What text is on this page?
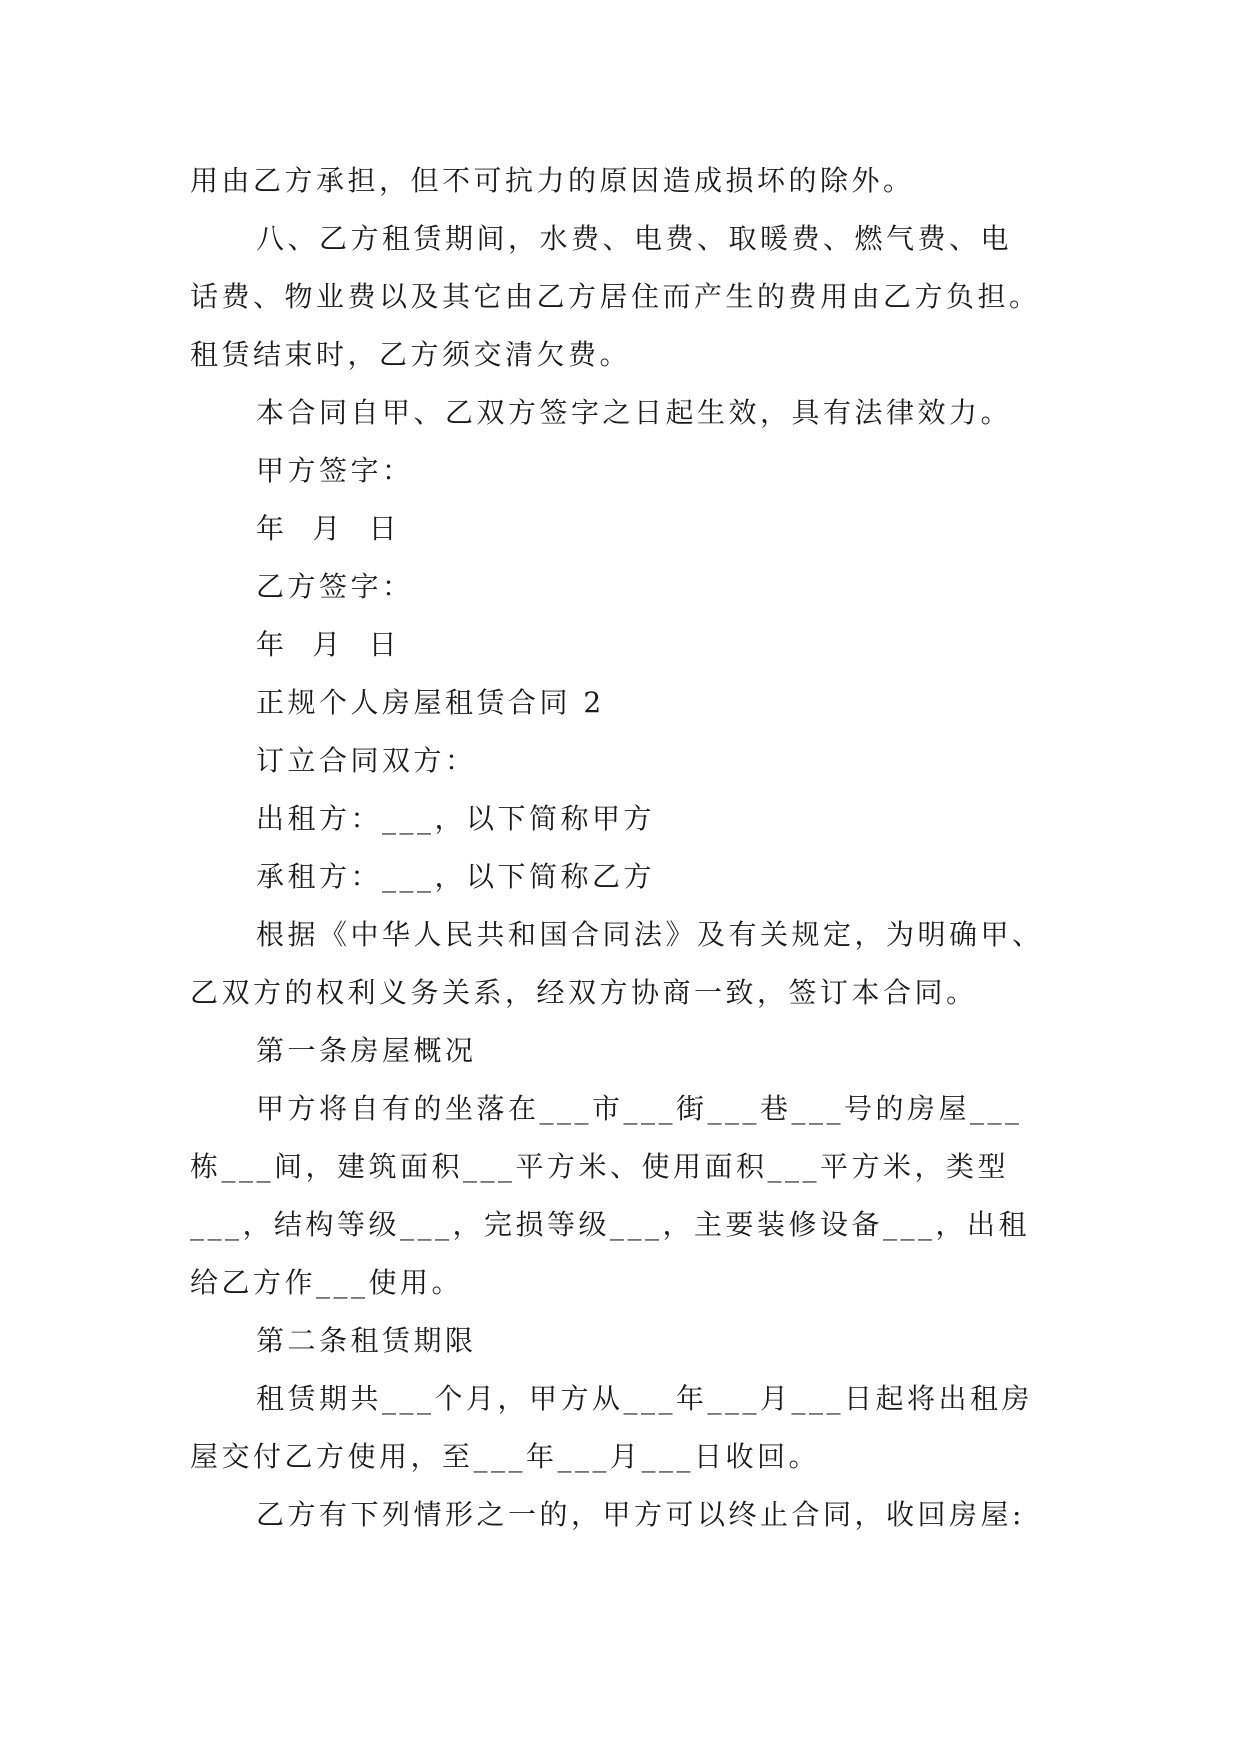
用由乙方承担，但不可抗力的原因造成损坏的除外。
八、乙方租赁期间，水费、电费、取暖费、燃气费、电
话费、物业费以及其它由乙方居住而产生的费用由乙方负担。
租赁结束时，乙方须交清欠费。
本合同自甲、乙双方签字之日起生效，具有法律效力。
甲方签字：
年  月  日
乙方签字：
年  月  日
正规个人房屋租赁合同 2
订立合同双方：
出租方：___，以下简称甲方
承租方：___，以下简称乙方
根据《中华人民共和国合同法》及有关规定，为明确甲、
乙双方的权利义务关系，经双方协商一致，签订本合同。
第一条房屋概况
甲方将自有的坐落在___市___街___巷___号的房屋___
栋___间，建筑面积___平方米、使用面积___平方米，类型
___，结构等级___，完损等级___，主要装修设备___，出租
给乙方作___使用。
第二条租赁期限
租赁期共___个月，甲方从___年___月___日起将出租房
屋交付乙方使用，至___年___月___日收回。
乙方有下列情形之一的，甲方可以终止合同，收回房屋:
